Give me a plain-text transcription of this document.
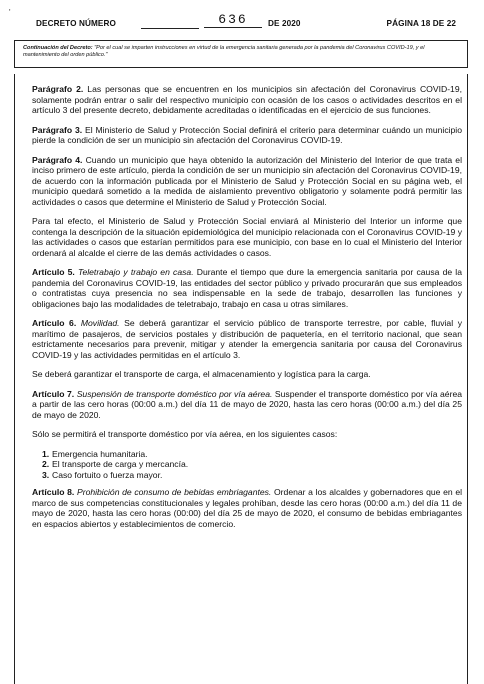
'
DECRETO NÚMERO	636	DE 2020	PÁGINA 18 DE 22
Continuación del Decreto: "Por el cual se imparten instrucciones en virtud de la emergencia sanitaria generada por la pandemia del Coronavirus COVID-19, y el mantenimiento del orden público."

Parágrafo 2. Las personas que se encuentren en los municipios sin afectación del Coronavirus COVID-19, solamente podrán entrar o salir del respectivo municipio con ocasión de los casos o actividades descritos en el artículo 3 del presente decreto, debidamente acreditadas o identificadas en el ejercicio de sus funciones.

Parágrafo 3. El Ministerio de Salud y Protección Social definirá el criterio para determinar cuándo un municipio pierde la condición de ser un municipio sin afectación del Coronavirus COVID-19.

Parágrafo 4. Cuando un municipio que haya obtenido la autorización del Ministerio del Interior de que trata el inciso primero de este artículo, pierda la condición de ser un municipio sin afectación del Coronavirus COVID-19, de acuerdo con la información publicada por el Ministerio de Salud y Protección Social en su página web, el municipio quedará sometido a la medida de aislamiento preventivo obligatorio y solamente podrá permitir las actividades o casos que determine el Ministerio de Salud y Protección Social.

Para tal efecto, el Ministerio de Salud y Protección Social enviará al Ministerio del Interior un informe que contenga la descripción de la situación epidemiológica del municipio relacionada con el Coronavirus COVID-19 y las actividades o casos que estarían permitidos para ese municipio, con base en lo cual el Ministerio del Interior ordenará al alcalde el cierre de las demás actividades o casos.

Artículo 5. Teletrabajo y trabajo en casa. Durante el tiempo que dure la emergencia sanitaria por causa de la pandemia del Coronavirus COVID-19, las entidades del sector público y privado procurarán que sus empleados o contratistas cuya presencia no sea indispensable en la sede de trabajo, desarrollen las funciones y obligaciones bajo las modalidades de teletrabajo, trabajo en casa u otras similares.

Artículo 6. Movilidad. Se deberá garantizar el servicio público de transporte terrestre, por cable, fluvial y marítimo de pasajeros, de servicios postales y distribución de paquetería, en el territorio nacional, que sean estrictamente necesarios para prevenir, mitigar y atender la emergencia sanitaria por causa del Coronavirus COVID-19 y las actividades permitidas en el artículo 3.

Se deberá garantizar el transporte de carga, el almacenamiento y logística para la carga.

Artículo 7. Suspensión de transporte doméstico por vía aérea. Suspender el transporte doméstico por vía aérea a partir de las cero horas (00:00 a.m.) del día 11 de mayo de 2020, hasta las cero horas (00:00 a.m.) del día 25 de mayo de 2020.

Sólo se permitirá el transporte doméstico por vía aérea, en los siguientes casos:

1. Emergencia humanitaria.
2. El transporte de carga y mercancía.
3. Caso fortuito o fuerza mayor.

Artículo 8. Prohibición de consumo de bebidas embriagantes. Ordenar a los alcaldes y gobernadores que en el marco de sus competencias constitucionales y legales prohíban, desde las cero horas (00:00 a.m.) del día 11 de mayo de 2020, hasta las cero horas (00:00) del día 25 de mayo de 2020, el consumo de bebidas embriagantes en espacios abiertos y establecimientos de comercio.
